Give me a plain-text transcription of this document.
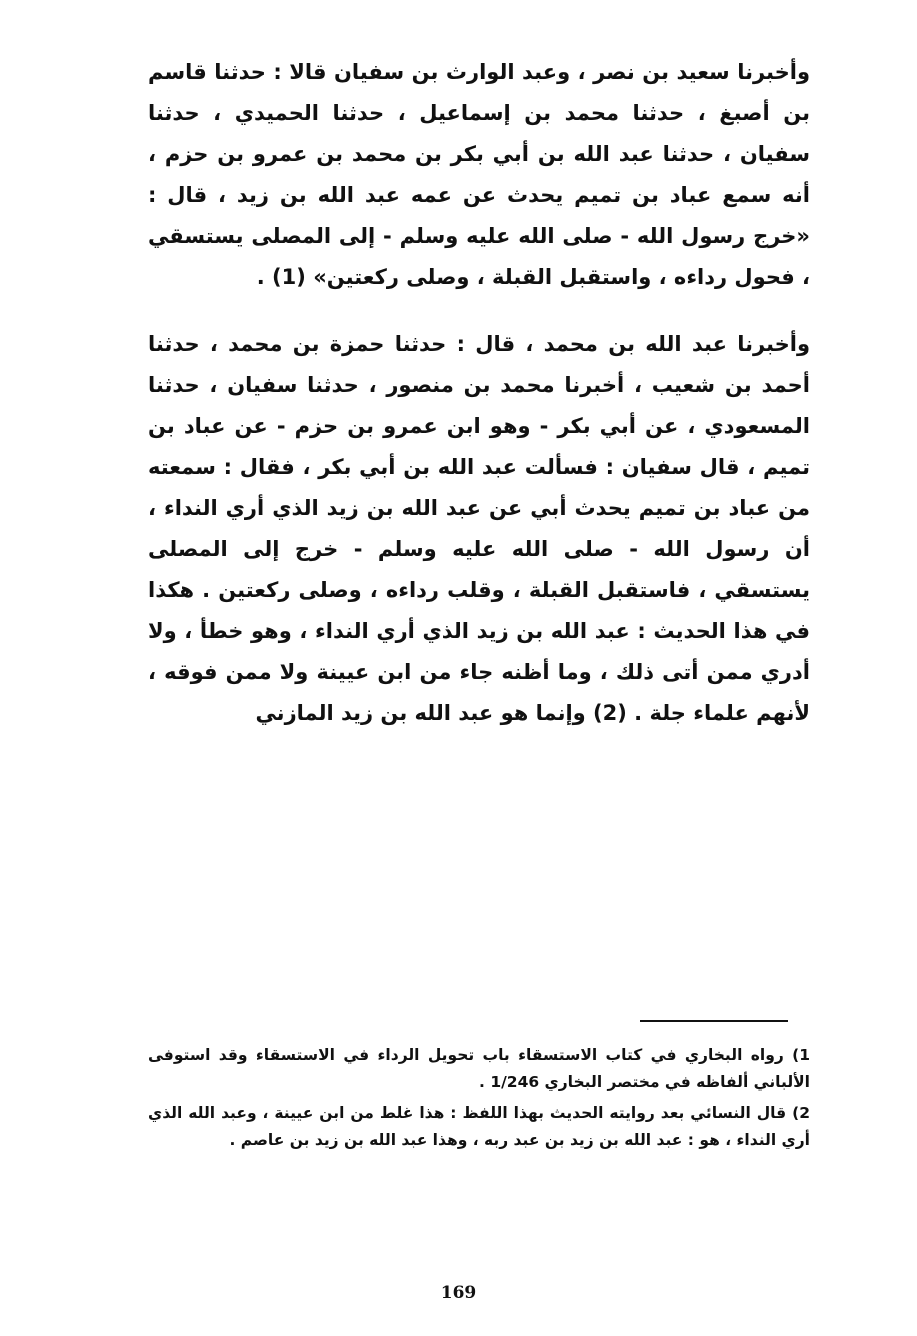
وأخبرنا سعيد بن نصر ، وعبد الوارث بن سفيان قالا : حدثنا قاسم بن أصبغ ، حدثنا محمد بن إسماعيل ، حدثنا الحميدي ، حدثنا سفيان ، حدثنا عبد الله بن أبي بكر بن محمد بن عمرو بن حزم ، أنه سمع عباد بن تميم يحدث عن عمه عبد الله بن زيد ، قال : «خرج رسول الله - صلى الله عليه وسلم - إلى المصلى يستسقي ، فحول رداءه ، واستقبل القبلة ، وصلى ركعتين» (1) .

وأخبرنا عبد الله بن محمد ، قال : حدثنا حمزة بن محمد ، حدثنا أحمد بن شعيب ، أخبرنا محمد بن منصور ، حدثنا سفيان ، حدثنا المسعودي ، عن أبي بكر - وهو ابن عمرو بن حزم - عن عباد بن تميم ، قال سفيان : فسألت عبد الله بن أبي بكر ، فقال : سمعته من عباد بن تميم يحدث أبي عن عبد الله بن زيد الذي أري النداء ، أن رسول الله - صلى الله عليه وسلم - خرج إلى المصلى يستسقي ، فاستقبل القبلة ، وقلب رداءه ، وصلى ركعتين . هكذا في هذا الحديث : عبد الله بن زيد الذي أري النداء ، وهو خطأ ، ولا أدري ممن أتى ذلك ، وما أظنه جاء من ابن عيينة ولا ممن فوقه ، لأنهم علماء جلة . (2) وإنما هو عبد الله بن زيد المازني

1) رواه البخاري في كتاب الاستسقاء باب تحويل الرداء في الاستسقاء وقد استوفى الألباني ألفاظه في مختصر البخاري 1/246 .

2) قال النسائي بعد روايته الحديث بهذا اللفظ : هذا غلط من ابن عيينة ، وعبد الله الذي أري النداء ، هو : عبد الله بن زيد بن عبد ربه ، وهذا عبد الله بن زيد بن عاصم .

169
